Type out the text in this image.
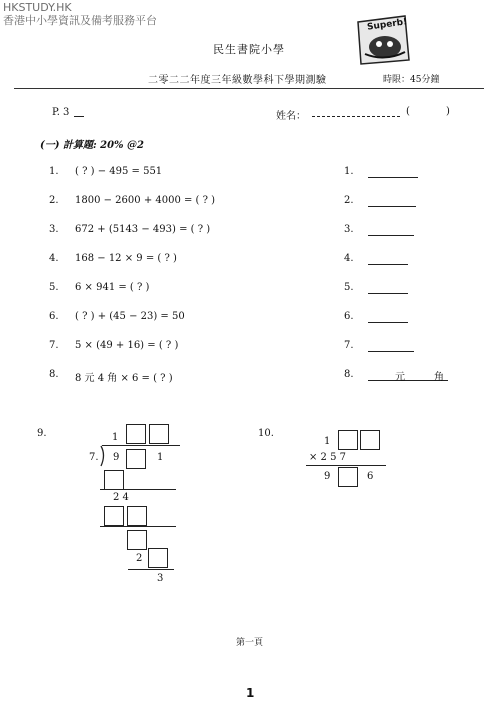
HKSTUDY.HK
香港中小學資訊及備考服務平台	Superb!
民生書院小學
二零二二年度三年級數學科下學期測驗	時限：45分鐘
P. 3	姓名：	(	)
(一) 計算題: 20% @2
1. ( ? ) − 495 = 551	1.
2. 1800 − 2600 + 4000 = ( ? )	2.
3. 672 + (5143 − 493) = ( ? )	3.
4. 168 − 12 × 9 = ( ? )	4.
5. 6 × 941 = ( ? )	5.
6. ( ? ) + (45 − 23) = 50	6.
7. 5 × (49 + 16) = ( ? )	7.
8. 8 元 4 角 × 6 = ( ? )	8.	元	角
9.	1
7. 9	1
2 4
2
3
10.
1
× 2 5 7
9	6
第一頁
1
